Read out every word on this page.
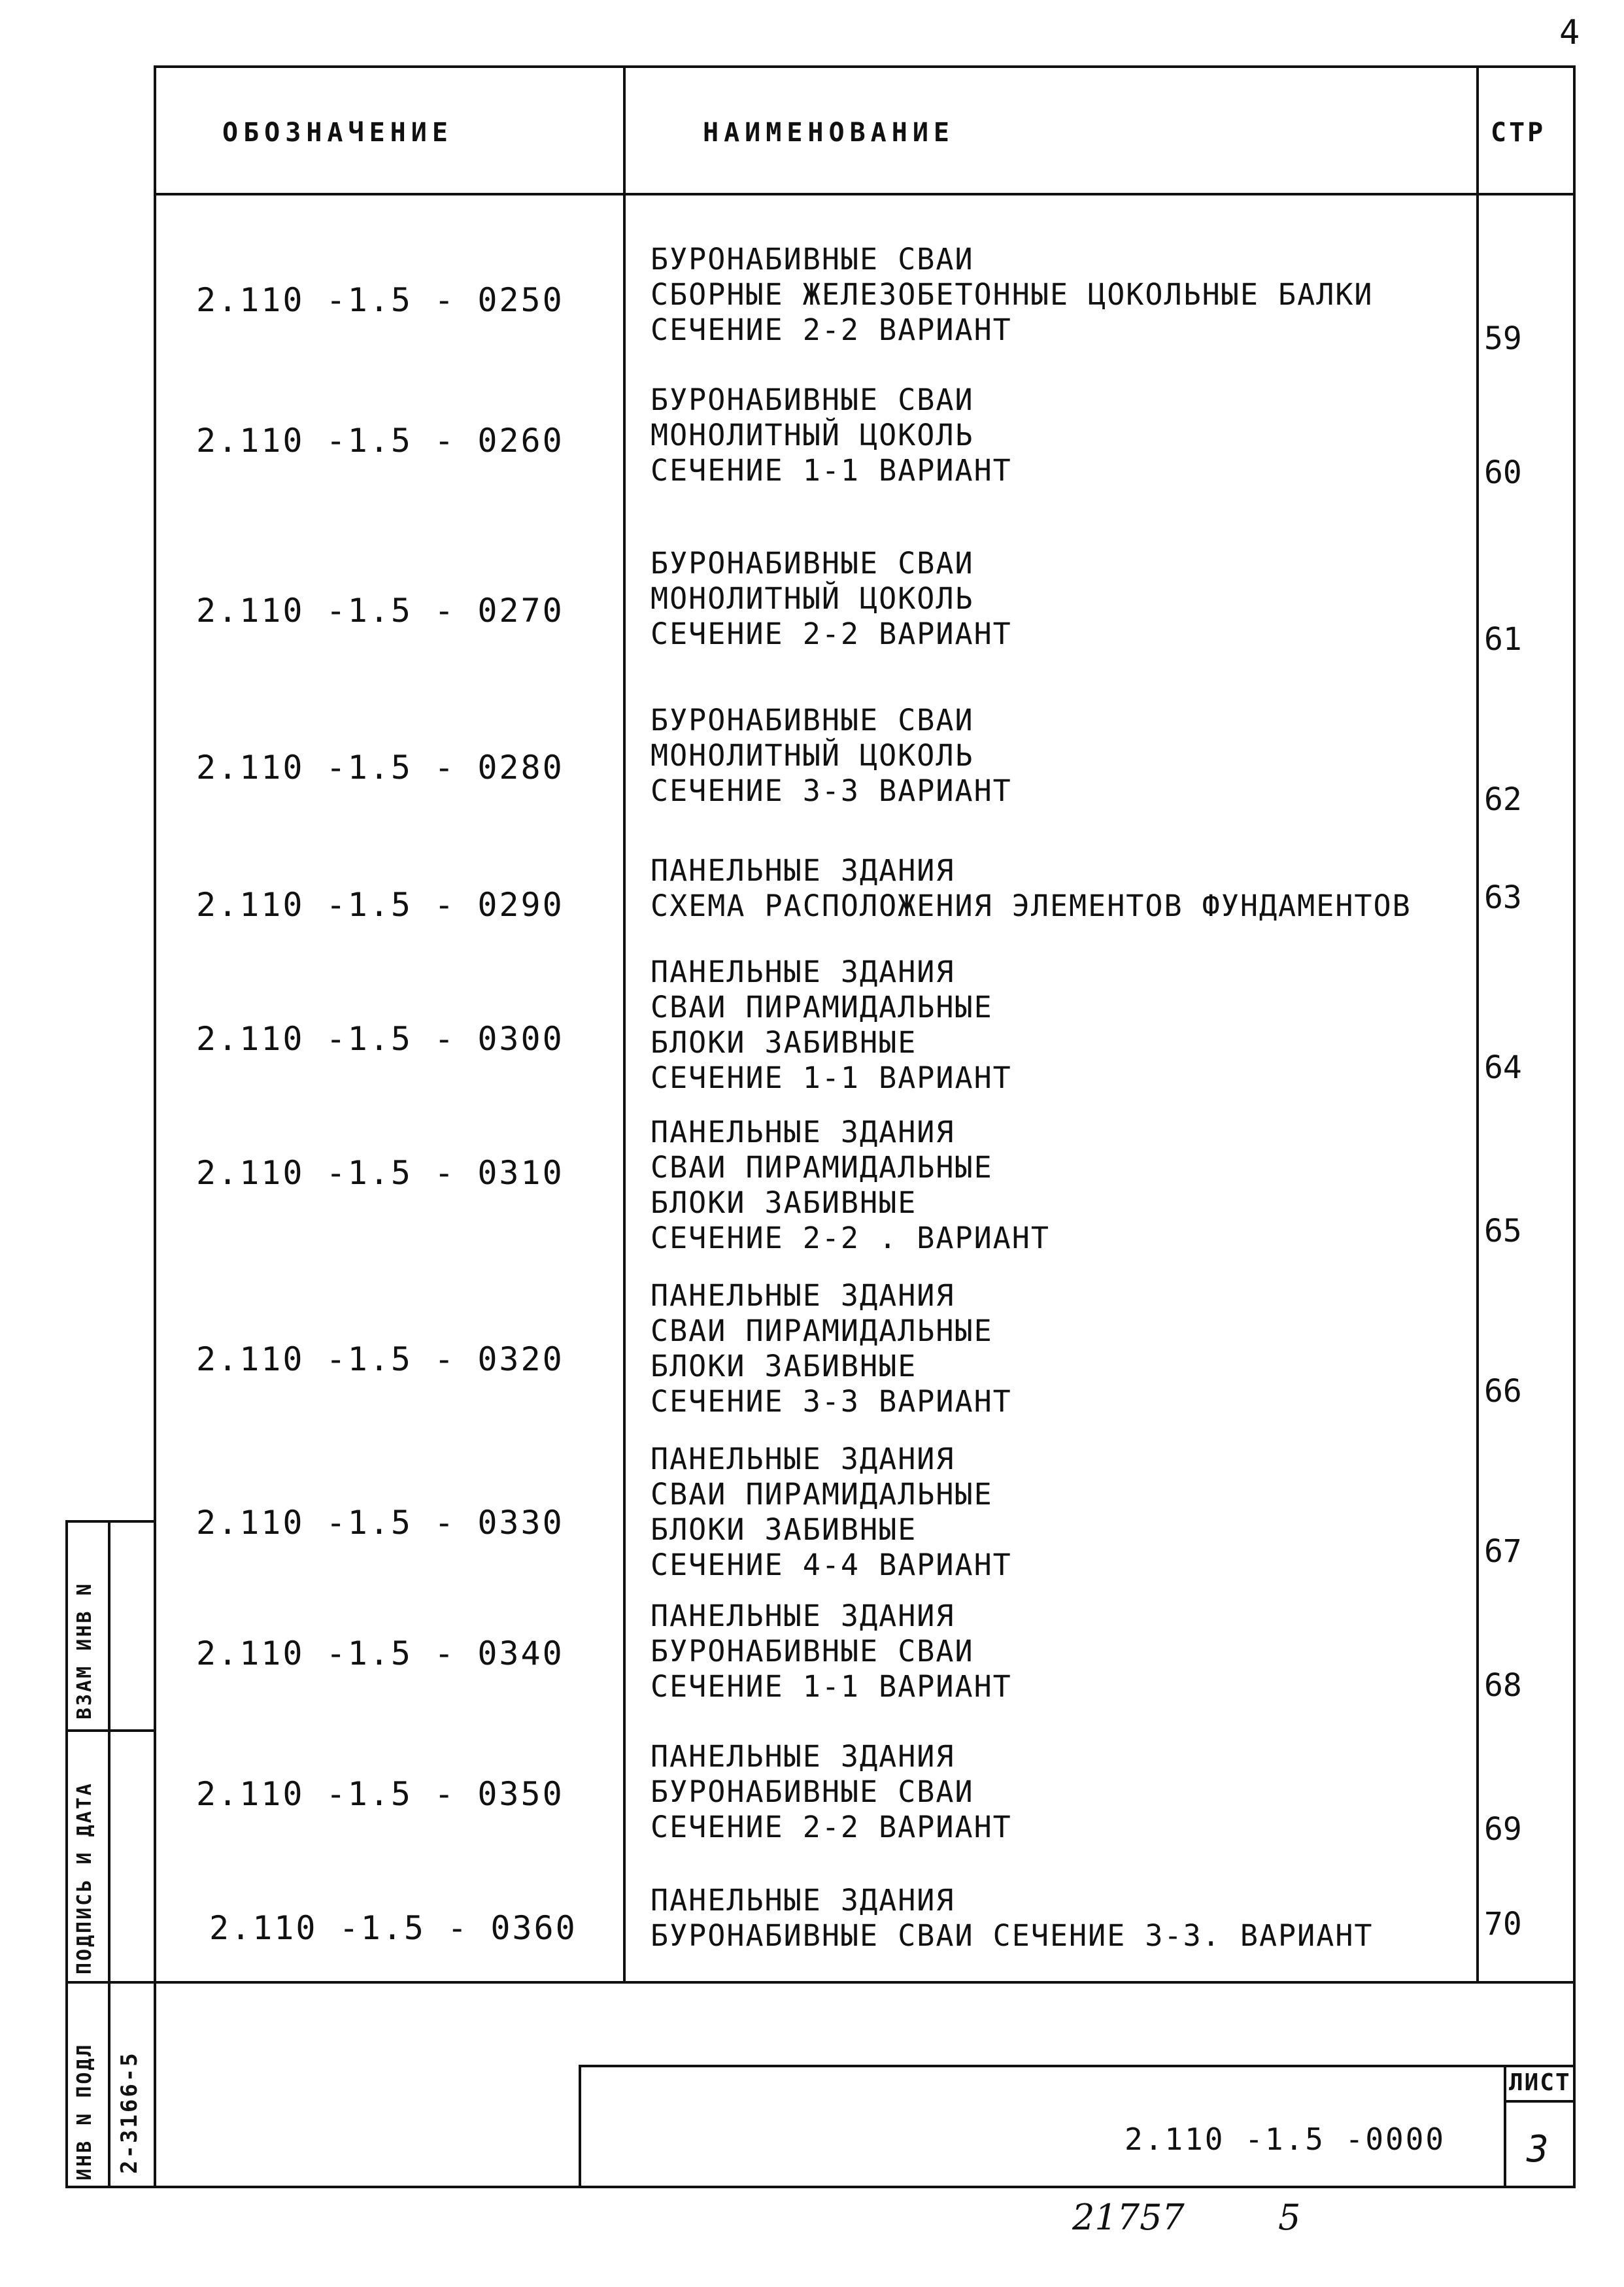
4
ОБОЗНАЧЕНИЕ	НАИМЕНОВАНИЕ	СТР
2.110 -1.5 - 0250
БУРОНАБИВНЫЕ СВАИ
СБОРНЫЕ ЖЕЛЕЗОБЕТОННЫЕ ЦОКОЛЬНЫЕ БАЛКИ
СЕЧЕНИЕ 2-2 ВАРИАНТ	59
2.110 -1.5 - 0260
БУРОНАБИВНЫЕ СВАИ
МОНОЛИТНЫЙ ЦОКОЛЬ
СЕЧЕНИЕ 1-1 ВАРИАНТ	60
2.110 -1.5 - 0270
БУРОНАБИВНЫЕ СВАИ
МОНОЛИТНЫЙ ЦОКОЛЬ
СЕЧЕНИЕ 2-2 ВАРИАНТ	61
2.110 -1.5 - 0280
БУРОНАБИВНЫЕ СВАИ
МОНОЛИТНЫЙ ЦОКОЛЬ
СЕЧЕНИЕ 3-3 ВАРИАНТ	62
2.110 -1.5 - 0290
ПАНЕЛЬНЫЕ ЗДАНИЯ
СХЕМА РАСПОЛОЖЕНИЯ ЭЛЕМЕНТОВ ФУНДАМЕНТОВ	63
2.110 -1.5 - 0300
ПАНЕЛЬНЫЕ ЗДАНИЯ
СВАИ ПИРАМИДАЛЬНЫЕ
БЛОКИ ЗАБИВНЫЕ
СЕЧЕНИЕ 1-1 ВАРИАНТ	64
2.110 -1.5 - 0310
ПАНЕЛЬНЫЕ ЗДАНИЯ
СВАИ ПИРАМИДАЛЬНЫЕ
БЛОКИ ЗАБИВНЫЕ
СЕЧЕНИЕ 2-2 . ВАРИАНТ	65
2.110 -1.5 - 0320
ПАНЕЛЬНЫЕ ЗДАНИЯ
СВАИ ПИРАМИДАЛЬНЫЕ
БЛОКИ ЗАБИВНЫЕ
СЕЧЕНИЕ 3-3 ВАРИАНТ	66
2.110 -1.5 - 0330
ПАНЕЛЬНЫЕ ЗДАНИЯ
СВАИ ПИРАМИДАЛЬНЫЕ
БЛОКИ ЗАБИВНЫЕ
СЕЧЕНИЕ 4-4 ВАРИАНТ	67
2.110 -1.5 - 0340
ПАНЕЛЬНЫЕ ЗДАНИЯ
БУРОНАБИВНЫЕ СВАИ
СЕЧЕНИЕ 1-1 ВАРИАНТ	68
2.110 -1.5 - 0350
ПАНЕЛЬНЫЕ ЗДАНИЯ
БУРОНАБИВНЫЕ СВАИ
СЕЧЕНИЕ 2-2 ВАРИАНТ	69
2.110 -1.5 - 0360
ПАНЕЛЬНЫЕ ЗДАНИЯ
БУРОНАБИВНЫЕ СВАИ СЕЧЕНИЕ 3-3. ВАРИАНТ	70
ИНВ N ПОДЛ 2-3166-5
ПОДПИСЬ И ДАТА
ВЗАМ ИНВ N
2.110 -1.5 -0000
ЛИСТ
3
21757	5
